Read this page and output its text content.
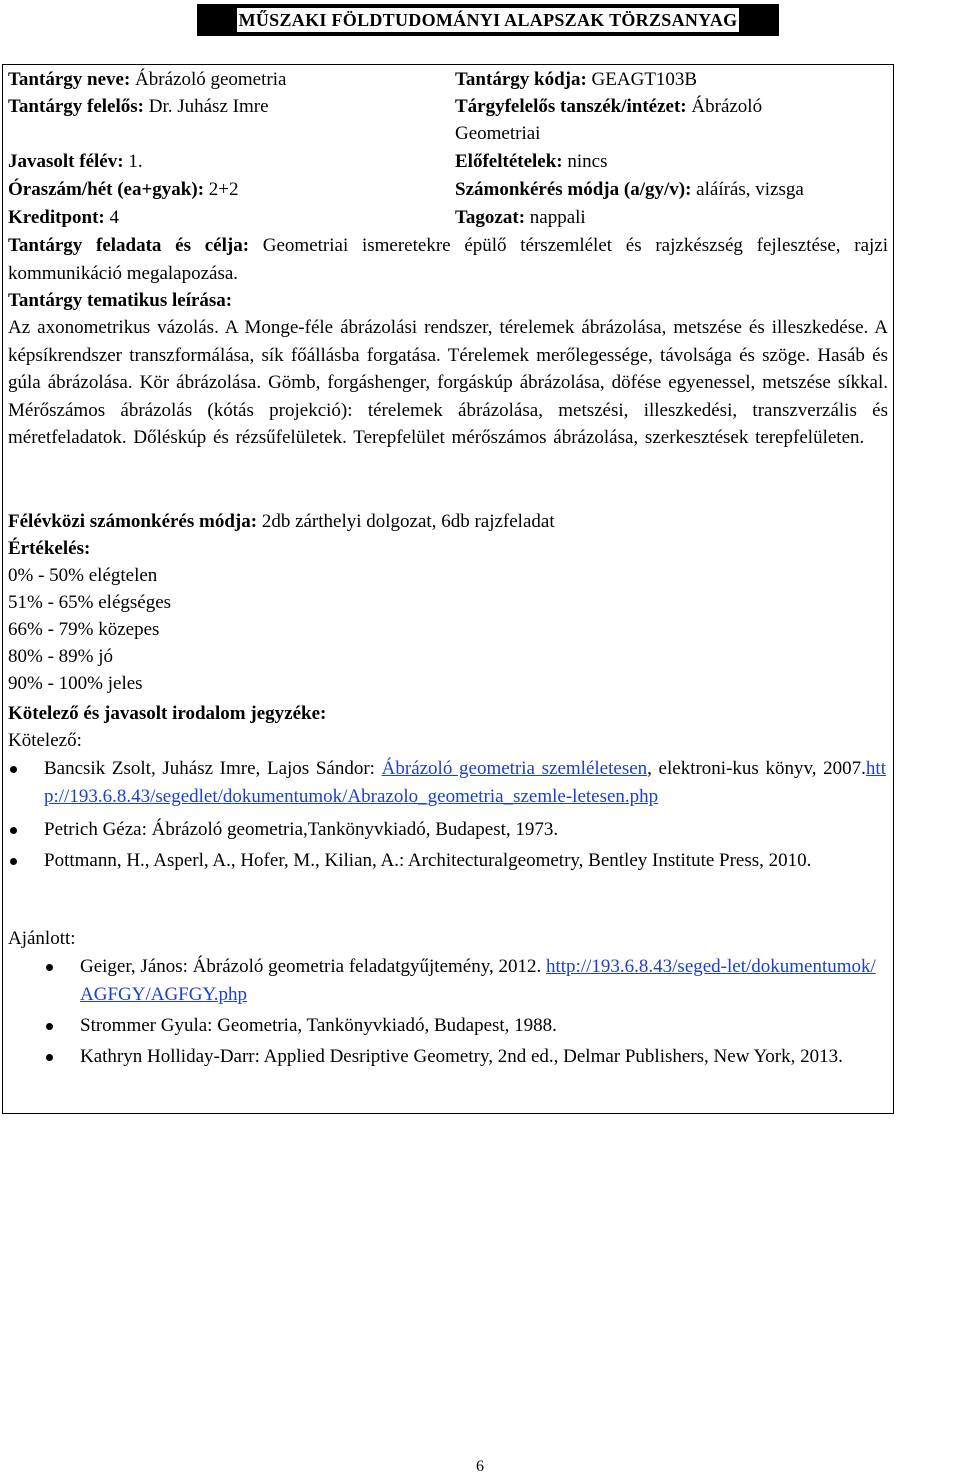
MŰSZAKI FÖLDTUDOMÁNYI ALAPSZAK TÖRZSANYAG
Tantárgy neve: Ábrázoló geometria	Tantárgy kódja: GEAGT103B
Tantárgy felelős: Dr. Juhász Imre	Tárgyfelelős tanszék/intézet: Ábrázoló
Geometriai
Javasolt félév: 1.	Előfeltételek: nincs
Óraszám/hét (ea+gyak): 2+2	Számonkérés módja (a/gy/v): aláírás, vizsga
Kreditpont: 4	Tagozat: nappali
Tantárgy feladata és célja: Geometriai ismeretekre épülő térszemlélet és rajzkészség fejlesztése, rajzi kommunikáció megalapozása.
Tantárgy tematikus leírása:
Az axonometrikus vázolás. A Monge-féle ábrázolási rendszer, térelemek ábrázolása, metszése és illeszkedése. A képsíkrendszer transzformálása, sík főállásba forgatása. Térelemek merőlegessége, távolsága és szöge. Hasáb és gúla ábrázolása. Kör ábrázolása. Gömb, forgáshenger, forgáskúp ábrázolása, döfése egyenessel, metszése síkkal. Mérőszámos ábrázolás (kótás projekció): térelemek ábrázolása, metszési, illeszkedési, transzverzális és méretfeladatok. Dőléskúp és rézsűfelületek. Terepfelület mérőszámos ábrázolása, szerkesztések terepfelületen.
Félévközi számonkérés módja: 2db zárthelyi dolgozat, 6db rajzfeladat
Értékelés:
0% - 50% elégtelen
51% - 65% elégséges
66% - 79% közepes
80% - 89% jó
90% - 100% jeles
Kötelező és javasolt irodalom jegyzéke:
Kötelező:
Bancsik Zsolt, Juhász Imre, Lajos Sándor: Ábrázoló geometria szemléletesen, elektroni-kus könyv, 2007.http://193.6.8.43/segedlet/dokumentumok/Abrazolo_geometria_szemle-letesen.php
Petrich Géza: Ábrázoló geometria,Tankönyvkiadó, Budapest, 1973.
Pottmann, H., Asperl, A., Hofer, M., Kilian, A.: Architecturalgeometry, Bentley Institute Press, 2010.
Ajánlott:
Geiger, János: Ábrázoló geometria feladatgyűjtemény, 2012. http://193.6.8.43/seged-let/dokumentumok/AGFGY/AGFGY.php
Strommer Gyula: Geometria, Tankönyvkiadó, Budapest, 1988.
Kathryn Holliday-Darr: Applied Desriptive Geometry, 2nd ed., Delmar Publishers, New York, 2013.
6
